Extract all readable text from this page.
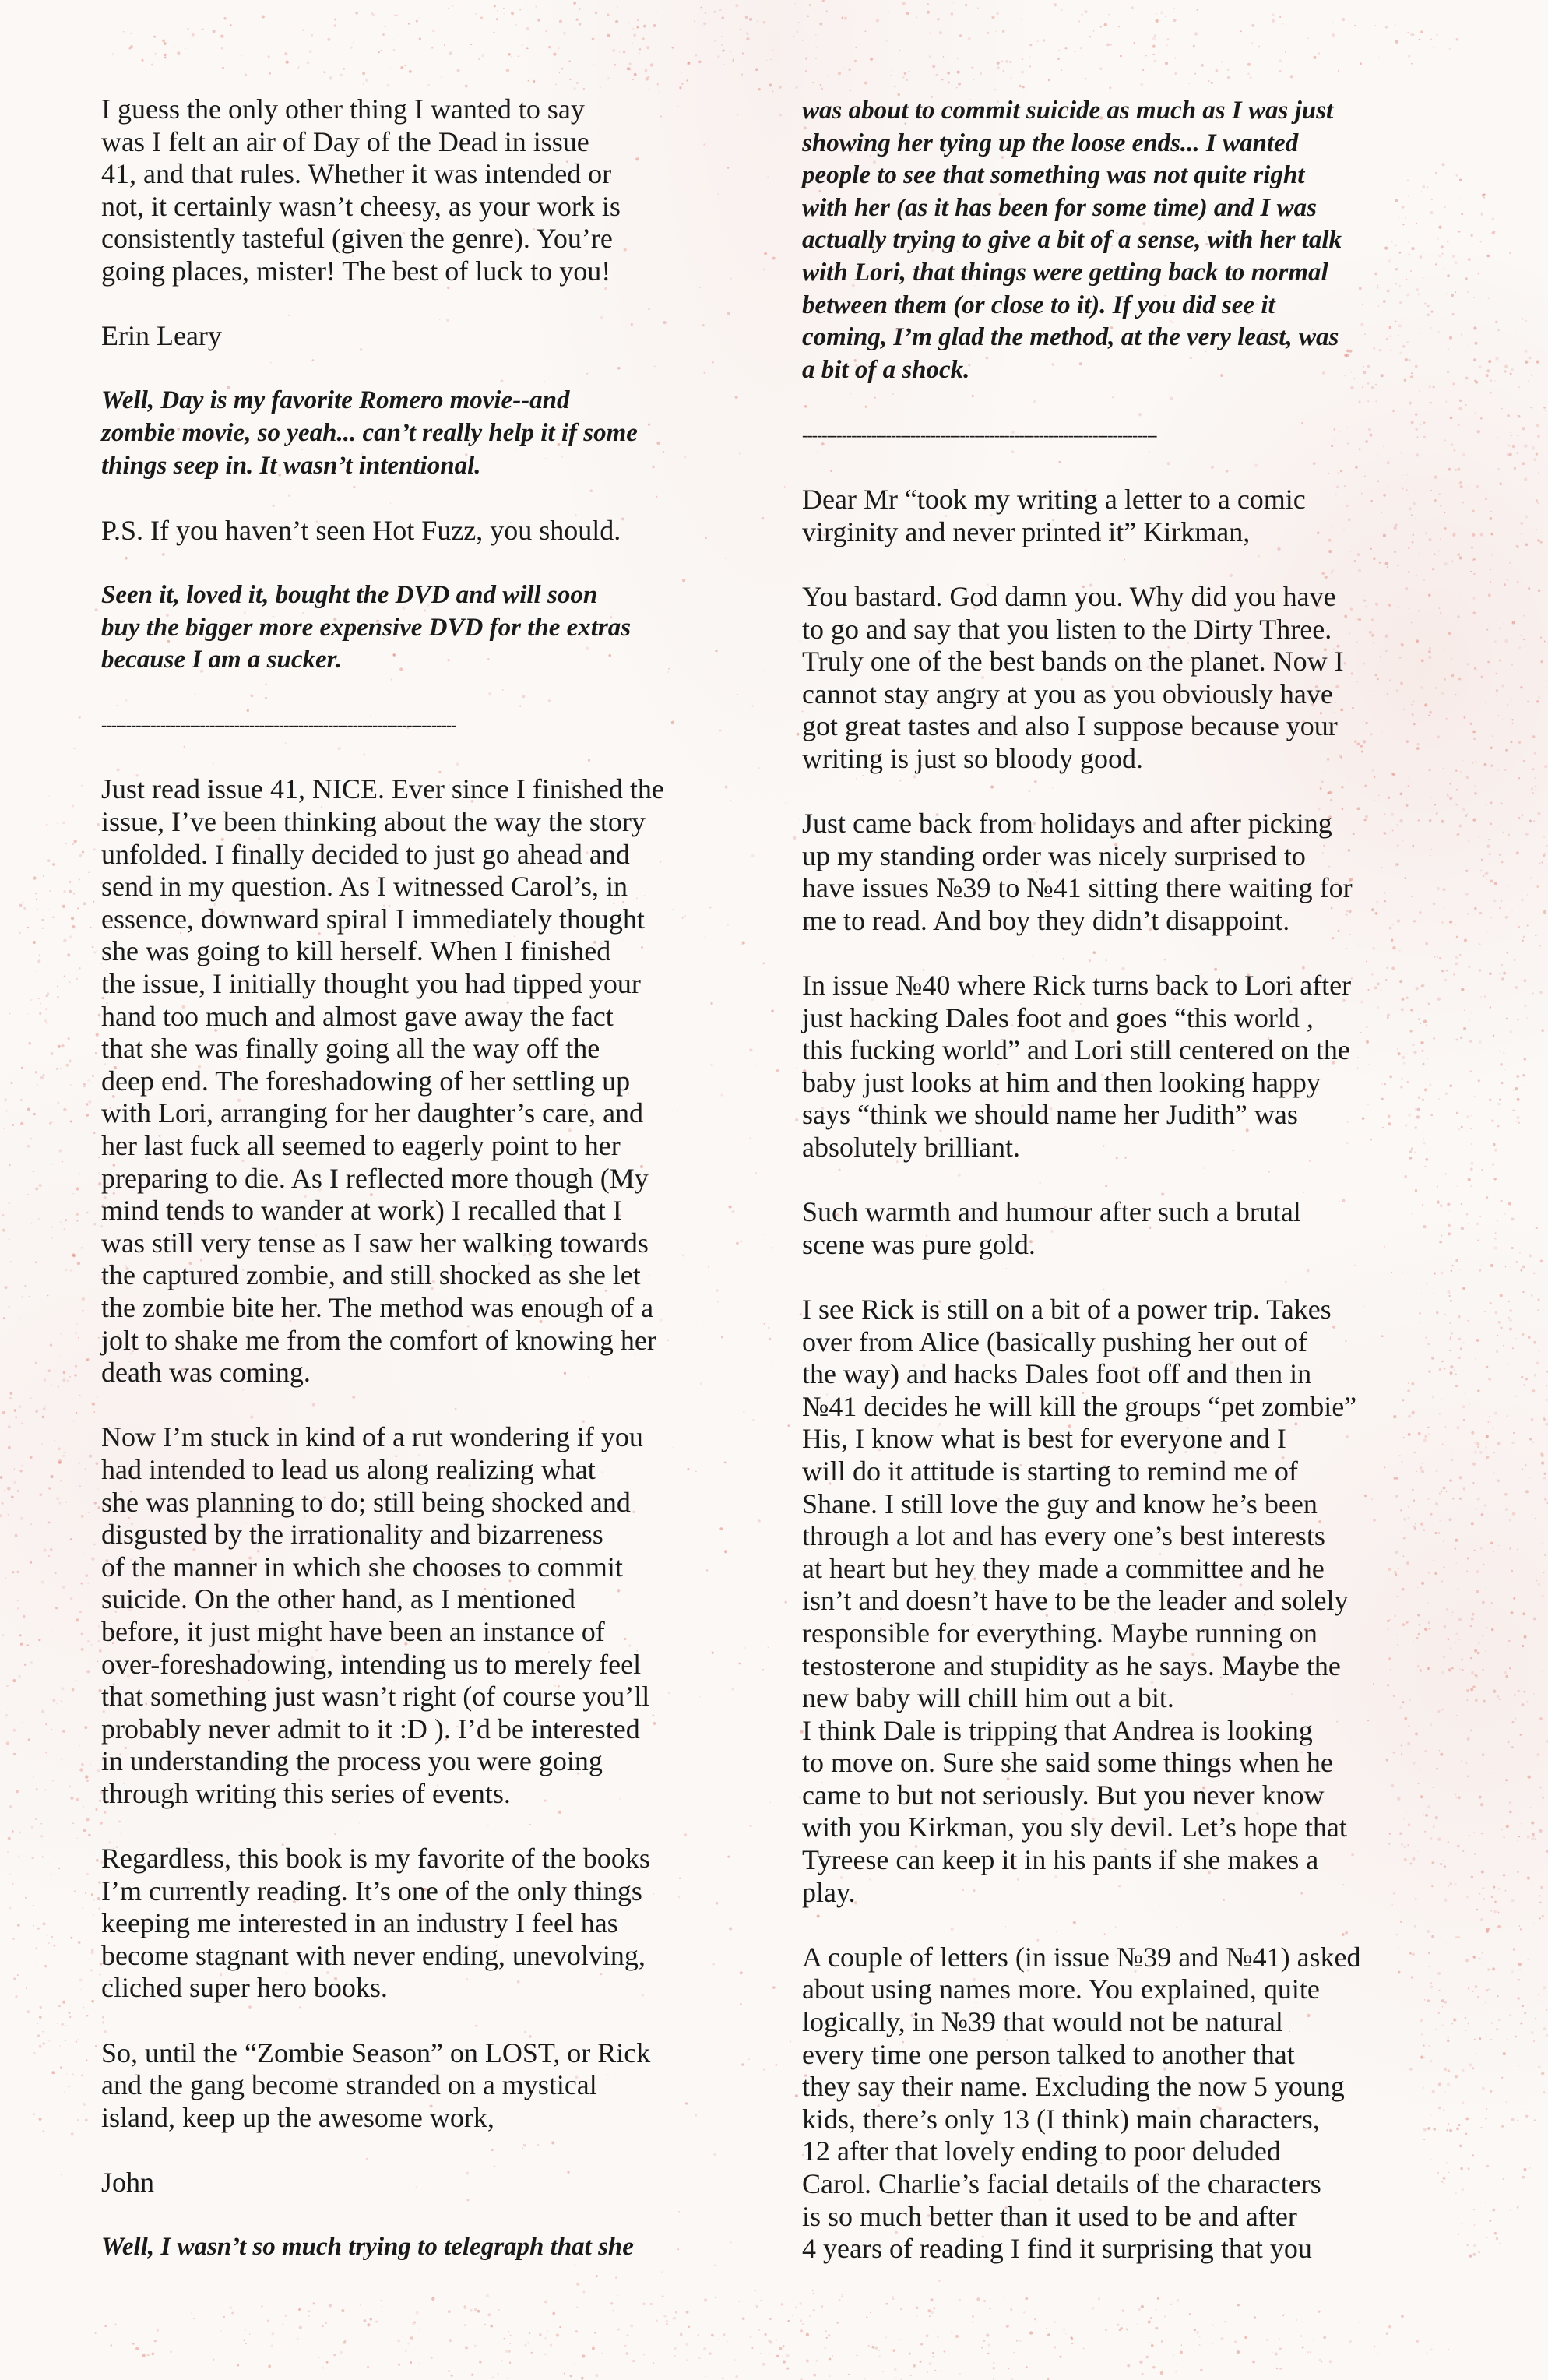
I guess the only other thing I wanted to say
was I felt an air of Day of the Dead in issue
41, and that rules. Whether it was intended or
not, it certainly wasn’t cheesy, as your work is
consistently tasteful (given the genre). You’re
going places, mister! The best of luck to you!

Erin Leary

Well, Day is my favorite Romero movie--and
zombie movie, so yeah... can’t really help it if some
things seep in. It wasn’t intentional.

P.S. If you haven’t seen Hot Fuzz, you should.

Seen it, loved it, bought the DVD and will soon
buy the bigger more expensive DVD for the extras
because I am a sucker.

------------------------------------------------------------------------

Just read issue 41, NICE. Ever since I finished the
issue, I’ve been thinking about the way the story
unfolded. I finally decided to just go ahead and
send in my question. As I witnessed Carol’s, in
essence, downward spiral I immediately thought
she was going to kill herself. When I finished
the issue, I initially thought you had tipped your
hand too much and almost gave away the fact
that she was finally going all the way off the
deep end. The foreshadowing of her settling up
with Lori, arranging for her daughter’s care, and
her last fuck all seemed to eagerly point to her
preparing to die. As I reflected more though (My
mind tends to wander at work) I recalled that I
was still very tense as I saw her walking towards
the captured zombie, and still shocked as she let
the zombie bite her. The method was enough of a
jolt to shake me from the comfort of knowing her
death was coming.

Now I’m stuck in kind of a rut wondering if you
had intended to lead us along realizing what
she was planning to do; still being shocked and
disgusted by the irrationality and bizarreness
of the manner in which she chooses to commit
suicide. On the other hand, as I mentioned
before, it just might have been an instance of
over-foreshadowing, intending us to merely feel
that something just wasn’t right (of course you’ll
probably never admit to it :D ). I’d be interested
in understanding the process you were going
through writing this series of events.

Regardless, this book is my favorite of the books
I’m currently reading. It’s one of the only things
keeping me interested in an industry I feel has
become stagnant with never ending, unevolving,
cliched super hero books.

So, until the “Zombie Season” on LOST, or Rick
and the gang become stranded on a mystical
island, keep up the awesome work,

John

Well, I wasn’t so much trying to telegraph that she

was about to commit suicide as much as I was just
showing her tying up the loose ends... I wanted
people to see that something was not quite right
with her (as it has been for some time) and I was
actually trying to give a bit of a sense, with her talk
with Lori, that things were getting back to normal
between them (or close to it). If you did see it
coming, I’m glad the method, at the very least, was
a bit of a shock.

------------------------------------------------------------------------

Dear Mr “took my writing a letter to a comic
virginity and never printed it” Kirkman,

You bastard. God damn you. Why did you have
to go and say that you listen to the Dirty Three.
Truly one of the best bands on the planet. Now I
cannot stay angry at you as you obviously have
got great tastes and also I suppose because your
writing is just so bloody good.

Just came back from holidays and after picking
up my standing order was nicely surprised to
have issues №39 to №41 sitting there waiting for
me to read. And boy they didn’t disappoint.

In issue №40 where Rick turns back to Lori after
just hacking Dales foot and goes “this world ,
this fucking world” and Lori still centered on the
baby just looks at him and then looking happy
says “think we should name her Judith” was
absolutely brilliant.

Such warmth and humour after such a brutal
scene was pure gold.

I see Rick is still on a bit of a power trip. Takes
over from Alice (basically pushing her out of
the way) and hacks Dales foot off and then in
№41 decides he will kill the groups “pet zombie”
His, I know what is best for everyone and I
will do it attitude is starting to remind me of
Shane. I still love the guy and know he’s been
through a lot and has every one’s best interests
at heart but hey they made a committee and he
isn’t and doesn’t have to be the leader and solely
responsible for everything. Maybe running on
testosterone and stupidity as he says. Maybe the
new baby will chill him out a bit.
I think Dale is tripping that Andrea is looking
to move on. Sure she said some things when he
came to but not seriously. But you never know
with you Kirkman, you sly devil. Let’s hope that
Tyreese can keep it in his pants if she makes a
play.

A couple of letters (in issue №39 and №41) asked
about using names more. You explained, quite
logically, in №39 that would not be natural
every time one person talked to another that
they say their name. Excluding the now 5 young
kids, there’s only 13 (I think) main characters,
12 after that lovely ending to poor deluded
Carol. Charlie’s facial details of the characters
is so much better than it used to be and after
4 years of reading I find it surprising that you
